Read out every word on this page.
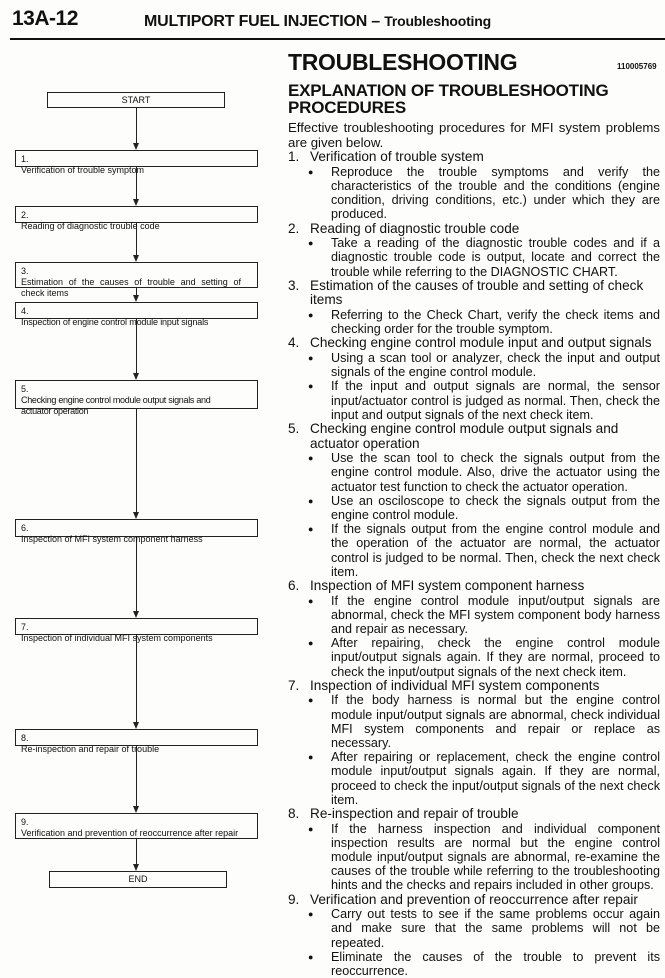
13A-12	MULTIPORT FUEL INJECTION – Troubleshooting
START
1.Verification of trouble symptom
2.Reading of diagnostic trouble code
3.Estimation of the causes of trouble and setting of check items
4.Inspection of engine control module input signals
5.Checking engine control module output signals and actuator operation
6.Inspection of MFI system component harness
7.Inspection of individual MFI system components
8.Re-inspection and repair of trouble
9.Verification and prevention of reoccurrence after repair
END
TROUBLESHOOTING	110005769
EXPLANATION OF TROUBLESHOOTING PROCEDURES

Effective troubleshooting procedures for MFI system problems are given below.

1. Verification of trouble system
●	Reproduce the trouble symptoms and verify the characteristics of the trouble and the conditions (engine condition, driving conditions, etc.) under which they are produced.
2. Reading of diagnostic trouble code
●	Take a reading of the diagnostic trouble codes and if a diagnostic trouble code is output, locate and correct the trouble while referring to the DIAGNOSTIC CHART.
3. Estimation of the causes of trouble and setting of check items
●	Referring to the Check Chart, verify the check items and checking order for the trouble symptom.
4. Checking engine control module input and output signals
●	Using a scan tool or analyzer, check the input and output signals of the engine control module.
●	If the input and output signals are normal, the sensor input/actuator control is judged as normal. Then, check the input and output signals of the next check item.
5. Checking engine control module output signals and actuator operation
●	Use the scan tool to check the signals output from the engine control module. Also, drive the actuator using the actuator test function to check the actuator operation.
●	Use an osciloscope to check the signals output from the engine control module.
●	If the signals output from the engine control module and the operation of the actuator are normal, the actuator control is judged to be normal. Then, check the next check item.
6. Inspection of MFI system component harness
●	If the engine control module input/output signals are abnormal, check the MFI system component body harness and repair as necessary.
●	After repairing, check the engine control module input/output signals again. If they are normal, proceed to check the input/output signals of the next check item.
7. Inspection of individual MFI system components
●	If the body harness is normal but the engine control module input/output signals are abnormal, check individual MFI system components and repair or replace as necessary.
●	After repairing or replacement, check the engine control module input/output signals again. If they are normal, proceed to check the input/output signals of the next check item.
8. Re-inspection and repair of trouble
●	If the harness inspection and individual component inspection results are normal but the engine control module input/output signals are abnormal, re-examine the causes of the trouble while referring to the troubleshooting hints and the checks and repairs included in other groups.
9. Verification and prevention of reoccurrence after repair
●	Carry out tests to see if the same problems occur again and make sure that the same problems will not be repeated.
●	Eliminate the causes of the trouble to prevent its reoccurrence.
